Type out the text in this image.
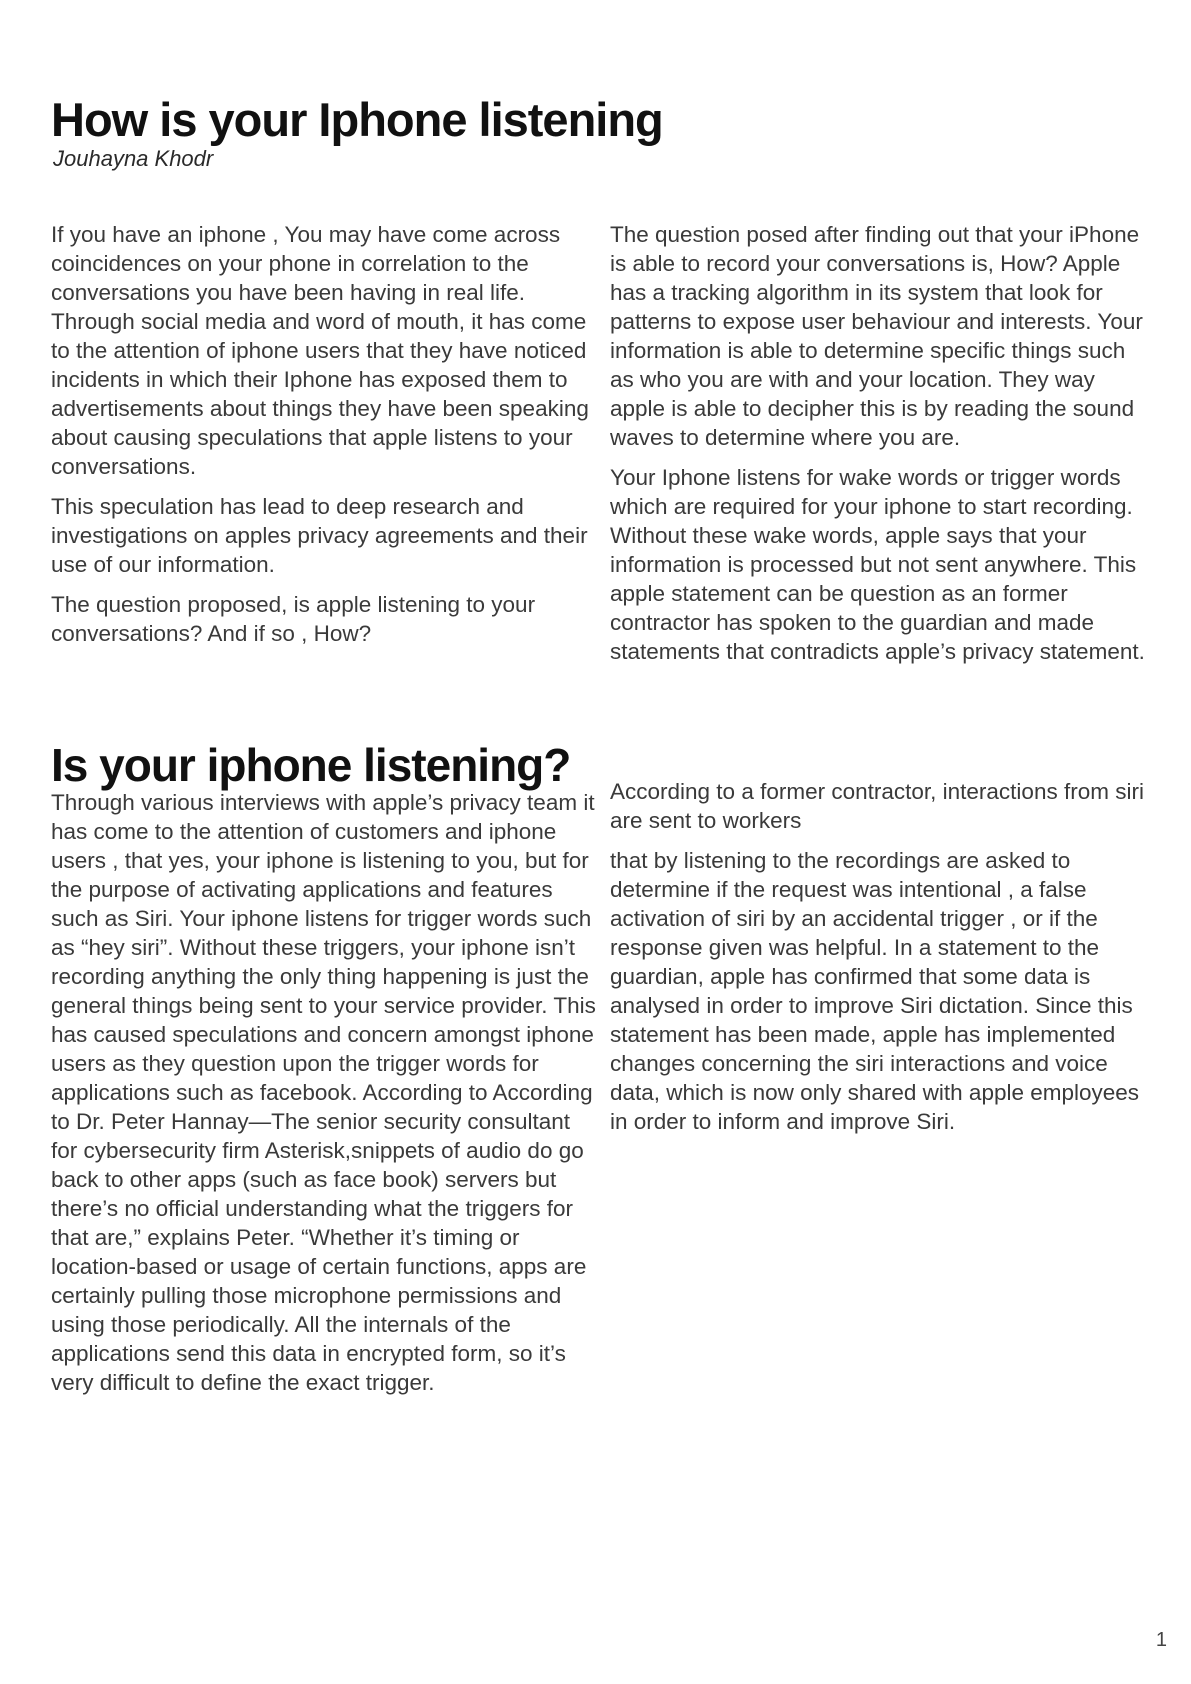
How is your Iphone listening

Jouhayna Khodr

If you have an iphone , You may have come across coincidences on your phone in correlation to the conversations you have been having in real life. Through social media and word of mouth, it has come to the attention of iphone users that they have noticed incidents in which their Iphone has exposed them to advertisements about things they have been speaking about causing speculations that apple listens to your conversations.

This speculation has lead to deep research and investigations on apples privacy agreements and their use of our information.

The question proposed, is apple listening to your conversations? And if so , How?

Is your iphone listening?

Through various interviews with apple’s privacy team it has come to the attention of customers and iphone users , that yes, your iphone is listening to you, but for the purpose of activating applications and features such as Siri. Your iphone listens for trigger words such as “hey siri”. Without these triggers, your iphone isn’t recording anything the only thing happening is just the general things being sent to your service provider. This has caused speculations and concern amongst iphone users as they question upon the trigger words for applications such as facebook. According to According to Dr. Peter Hannay—The senior security consultant for cybersecurity firm Asterisk,snippets of audio do go back to other apps (such as face book) servers but there’s no official understanding what the triggers for that are,” explains Peter. “Whether it’s timing or location-based or usage of certain functions, apps are certainly pulling those microphone permissions and using those periodically. All the internals of the applications send this data in encrypted form, so it’s very difficult to define the exact trigger.

The question posed after finding out that your iPhone is able to record your conversations is, How? Apple has a tracking algorithm in its system that look for patterns to expose user behaviour and interests. Your information is able to determine specific things such as who you are with and your location. They way apple is able to decipher this is by reading the sound waves to determine where you are.

Your Iphone listens for wake words or trigger words which are required for your iphone to start recording. Without these wake words, apple says that your information is processed but not sent anywhere. This apple statement can be question as an former contractor has spoken to the guardian and made statements that contradicts apple’s privacy statement.

According to a former contractor, interactions from siri are sent to workers

that by listening to the recordings are asked to determine if the request was intentional , a false activation of siri by an accidental trigger , or if the response given was helpful. In a statement to the guardian, apple has confirmed that some data is analysed in order to improve Siri dictation. Since this statement has been made, apple has implemented changes concerning the siri interactions and voice data, which is now only shared with apple employees in order to inform and improve Siri.

1
